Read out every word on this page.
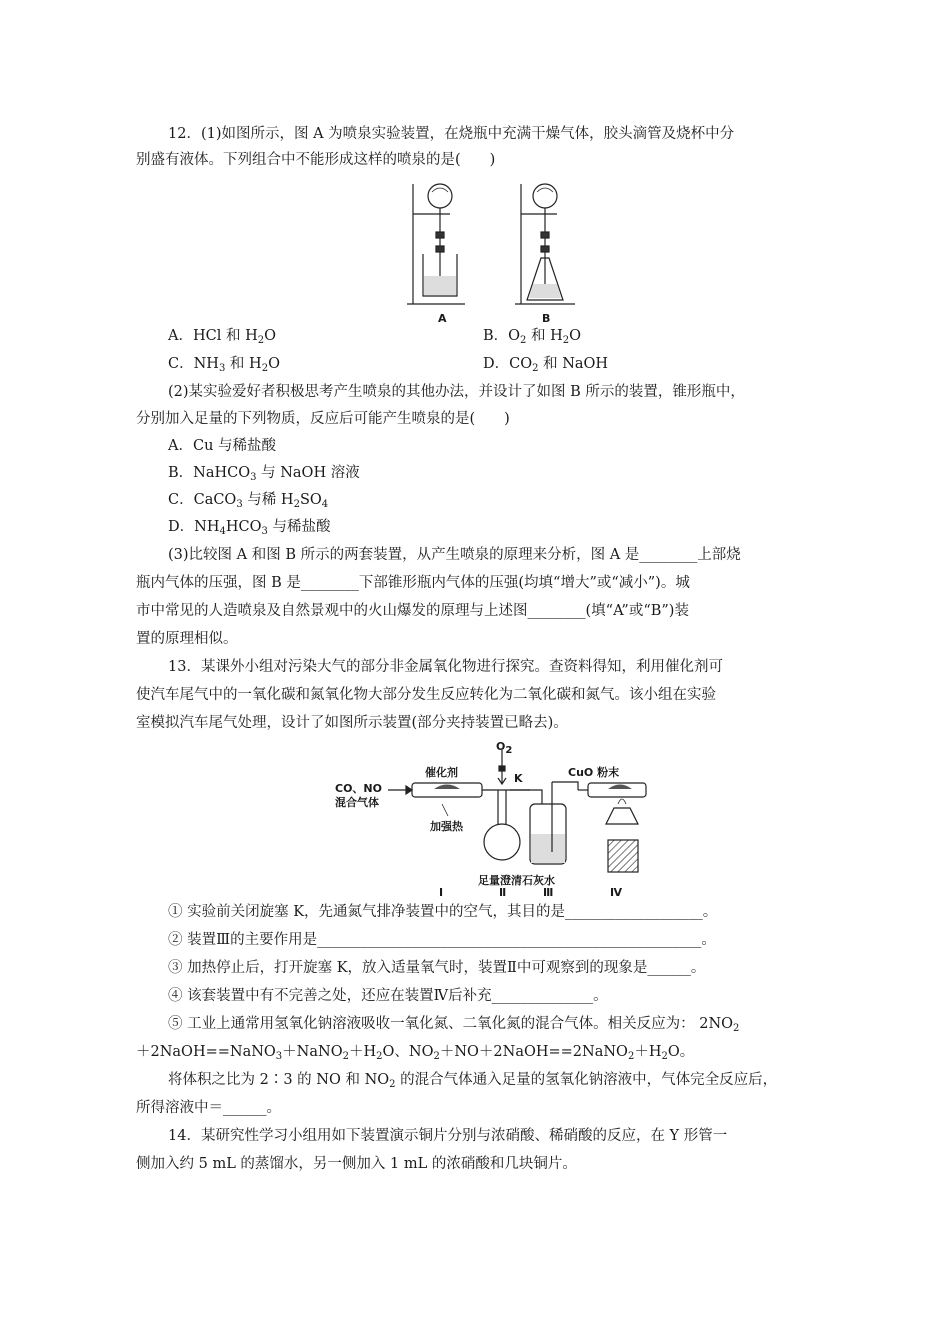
12．(1)如图所示，图 A 为喷泉实验装置，在烧瓶中充满干燥气体，胶头滴管及烧杯中分
别盛有液体。下列组合中不能形成这样的喷泉的是(　　)
A	B
A．HCl 和 $H_2O$	B．$O_2$ 和 $H_2O$
C．$NH_3$ 和 $H_2O$	D．$CO_2$ 和 NaOH
(2)某实验爱好者积极思考产生喷泉的其他办法，并设计了如图 B 所示的装置，锥形瓶中，
分别加入足量的下列物质，反应后可能产生喷泉的是(　　)
A．Cu 与稀盐酸
B．NaHCO$_3$ 与 NaOH 溶液
C．CaCO$_3$ 与稀 $H_2SO_4$
D．$NH_4HCO_3$ 与稀盐酸
(3)比较图 A 和图 B 所示的两套装置，从产生喷泉的原理来分析，图 A 是________上部烧
瓶内气体的压强，图 B 是________下部锥形瓶内气体的压强(均填“增大”或“减小”)。城
市中常见的人造喷泉及自然景观中的火山爆发的原理与上述图________(填“A”或“B”)装
置的原理相似。
13．某课外小组对污染大气的部分非金属氧化物进行探究。查资料得知，利用催化剂可
使汽车尾气中的一氧化碳和氮氧化物大部分发生反应转化为二氧化碳和氮气。该小组在实验
室模拟汽车尾气处理，设计了如图所示装置(部分夹持装置已略去)。
CO、NO
混合气体
催化剂
加强热
$O_2$
K	CuO 粉末
足量澄清石灰水
Ⅰ	Ⅱ	Ⅲ	Ⅳ
① 实验前关闭旋塞 K，先通氮气排净装置中的空气，其目的是___________________。
② 装置Ⅲ的主要作用是_____________________________________________________。
③ 加热停止后，打开旋塞 K，放入适量氧气时，装置Ⅱ中可观察到的现象是______。
④ 该套装置中有不完善之处，还应在装置Ⅳ后补充______________。
⑤ 工业上通常用氢氧化钠溶液吸收一氧化氮、二氧化氮的混合气体。相关反应为： $2NO_2$
$+2NaOH==NaNO_3+NaNO_2+H_2O$、$NO_2+NO+2NaOH==2NaNO_2+H_2O$。
将体积之比为 2∶3 的 NO 和 $NO_2$ 的混合气体通入足量的氢氧化钠溶液中，气体完全反应后，
所得溶液中＝______。
14．某研究性学习小组用如下装置演示铜片分别与浓硝酸、稀硝酸的反应，在 Y 形管一
侧加入约 5 mL 的蒸馏水，另一侧加入 1 mL 的浓硝酸和几块铜片。
